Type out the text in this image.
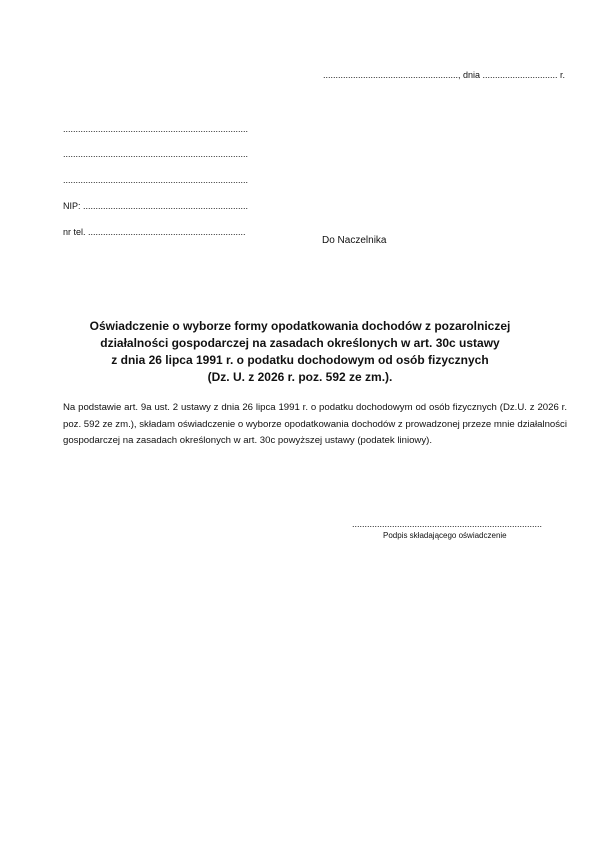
......................................................, dnia .............................. r.
..........................................................................
..........................................................................
..........................................................................
NIP: ..................................................................
nr tel. ...............................................................
Do Naczelnika
Oświadczenie o wyborze formy opodatkowania dochodów z pozarolniczej
działalności gospodarczej na zasadach określonych w art. 30c ustawy
z dnia 26 lipca 1991 r. o podatku dochodowym od osób fizycznych
(Dz. U. z 2026 r. poz. 592 ze zm.).
Na podstawie art. 9a ust. 2 ustawy z dnia 26 lipca 1991 r. o podatku dochodowym od osób fizycznych (Dz.U. z 2026 r. poz. 592 ze zm.), składam oświadczenie o wyborze opodatkowania dochodów z prowadzonej przeze mnie działalności gospodarczej na zasadach określonych w art. 30c powyższej ustawy (podatek liniowy).
............................................................................
Podpis składającego oświadczenie
